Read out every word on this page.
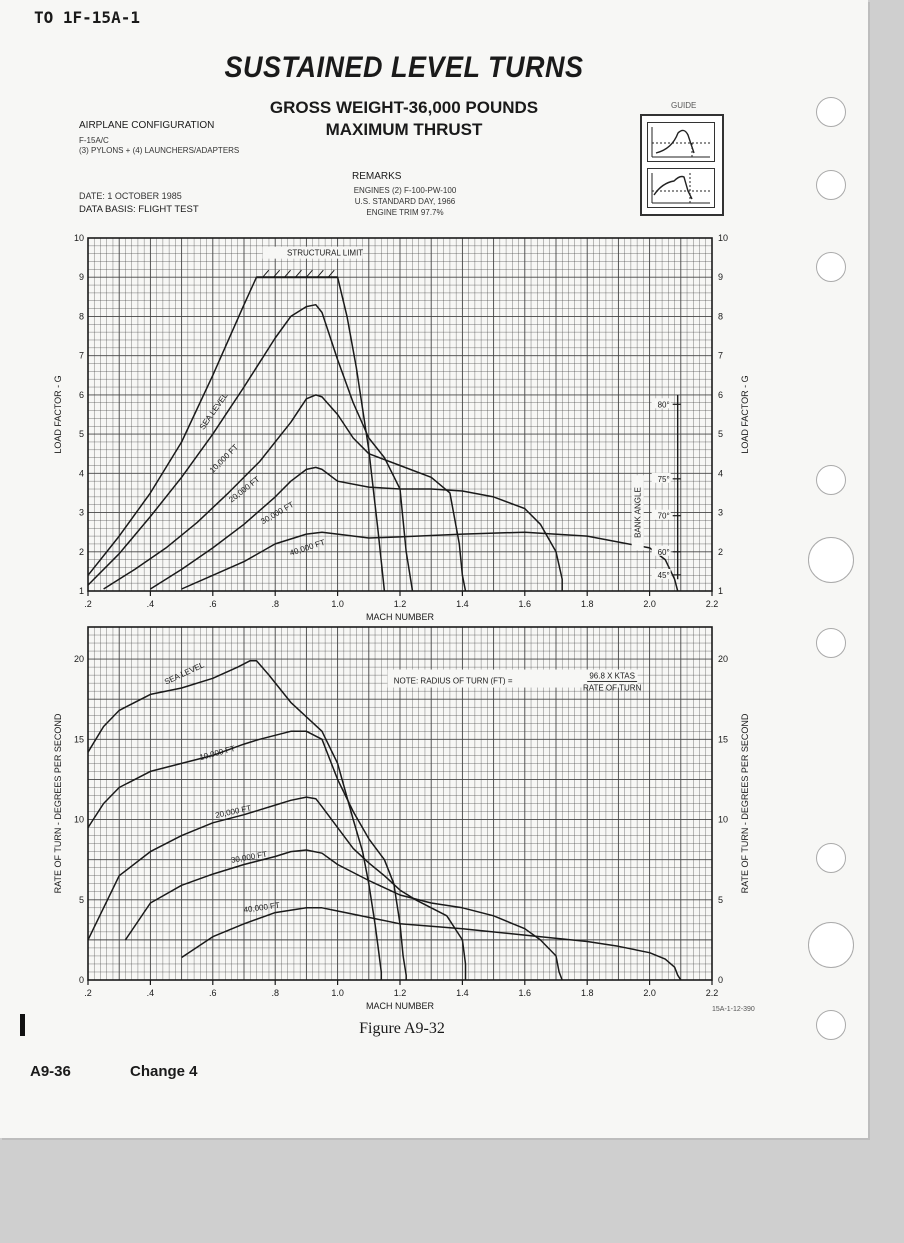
TO 1F-15A-1
SUSTAINED LEVEL TURNS
GROSS WEIGHT-36,000 POUNDS
MAXIMUM THRUST
AIRPLANE CONFIGURATION
F-15A/C
(3) PYLONS + (4) LAUNCHERS/ADAPTERS
DATE: 1 OCTOBER 1985
DATA BASIS: FLIGHT TEST
REMARKS
ENGINES (2) F-100-PW-100
U.S. STANDARD DAY, 1966
ENGINE TRIM 97.7%
GUIDE
.2	.4	.6	.8	1.0	1.2	1.4	1.6	1.8	2.0	2.2
1	1
2	2
3	3
4	4
5	5
6	6
7	7
8	8
9	9
10	10
MACH NUMBER
LOAD FACTOR - G	LOAD FACTOR - G
SEA LEVEL
10,000 FT
20,000 FT
30,000 FT
40,000 FT
STRUCTURAL LIMIT
45°
60°
70°
75°
80°
BANK ANGLE
.2	.4	.6	.8	1.0	1.2	1.4	1.6	1.8	2.0	2.2
0	0
5	5
10	10
15	15
20	20
MACH NUMBER
RATE OF TURN - DEGREES PER SECOND	RATE OF TURN - DEGREES PER SECOND
SEA LEVEL
10,000 FT
20,000 FT
30,000 FT
40,000 FT
NOTE: RADIUS OF TURN (FT) =
96.8 X KTAS
RATE OF TURN
15A-1-12-390
Figure A9-32
A9-36	Change 4
